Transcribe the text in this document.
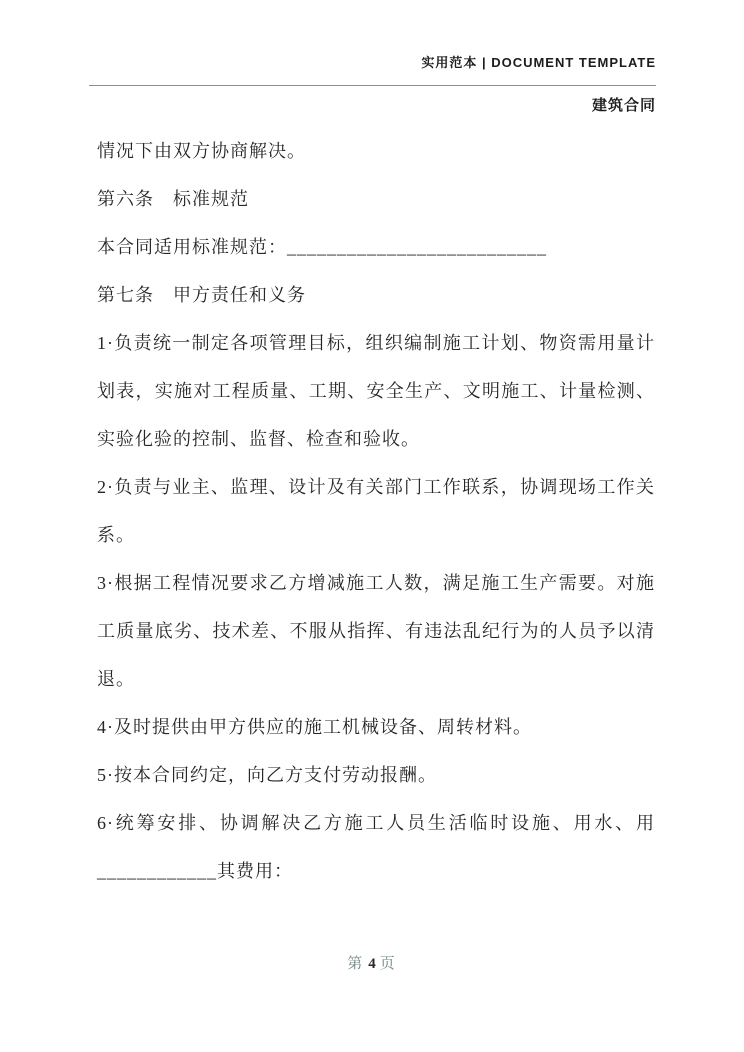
实用范本 | DOCUMENT TEMPLATE
建筑合同
情况下由双方协商解决。
第六条　标准规范
本合同适用标准规范：__________________________
第七条　甲方责任和义务
1·负责统一制定各项管理目标，组织编制施工计划、物资需用量计
划表，实施对工程质量、工期、安全生产、文明施工、计量检测、
实验化验的控制、监督、检查和验收。
2·负责与业主、监理、设计及有关部门工作联系，协调现场工作关
系。
3·根据工程情况要求乙方增减施工人数，满足施工生产需要。对施
工质量底劣、技术差、不服从指挥、有违法乱纪行为的人员予以清
退。
4·及时提供由甲方供应的施工机械设备、周转材料。
5·按本合同约定，向乙方支付劳动报酬。
6·统筹安排、协调解决乙方施工人员生活临时设施、用水、用
____________其费用：
第 4 页
